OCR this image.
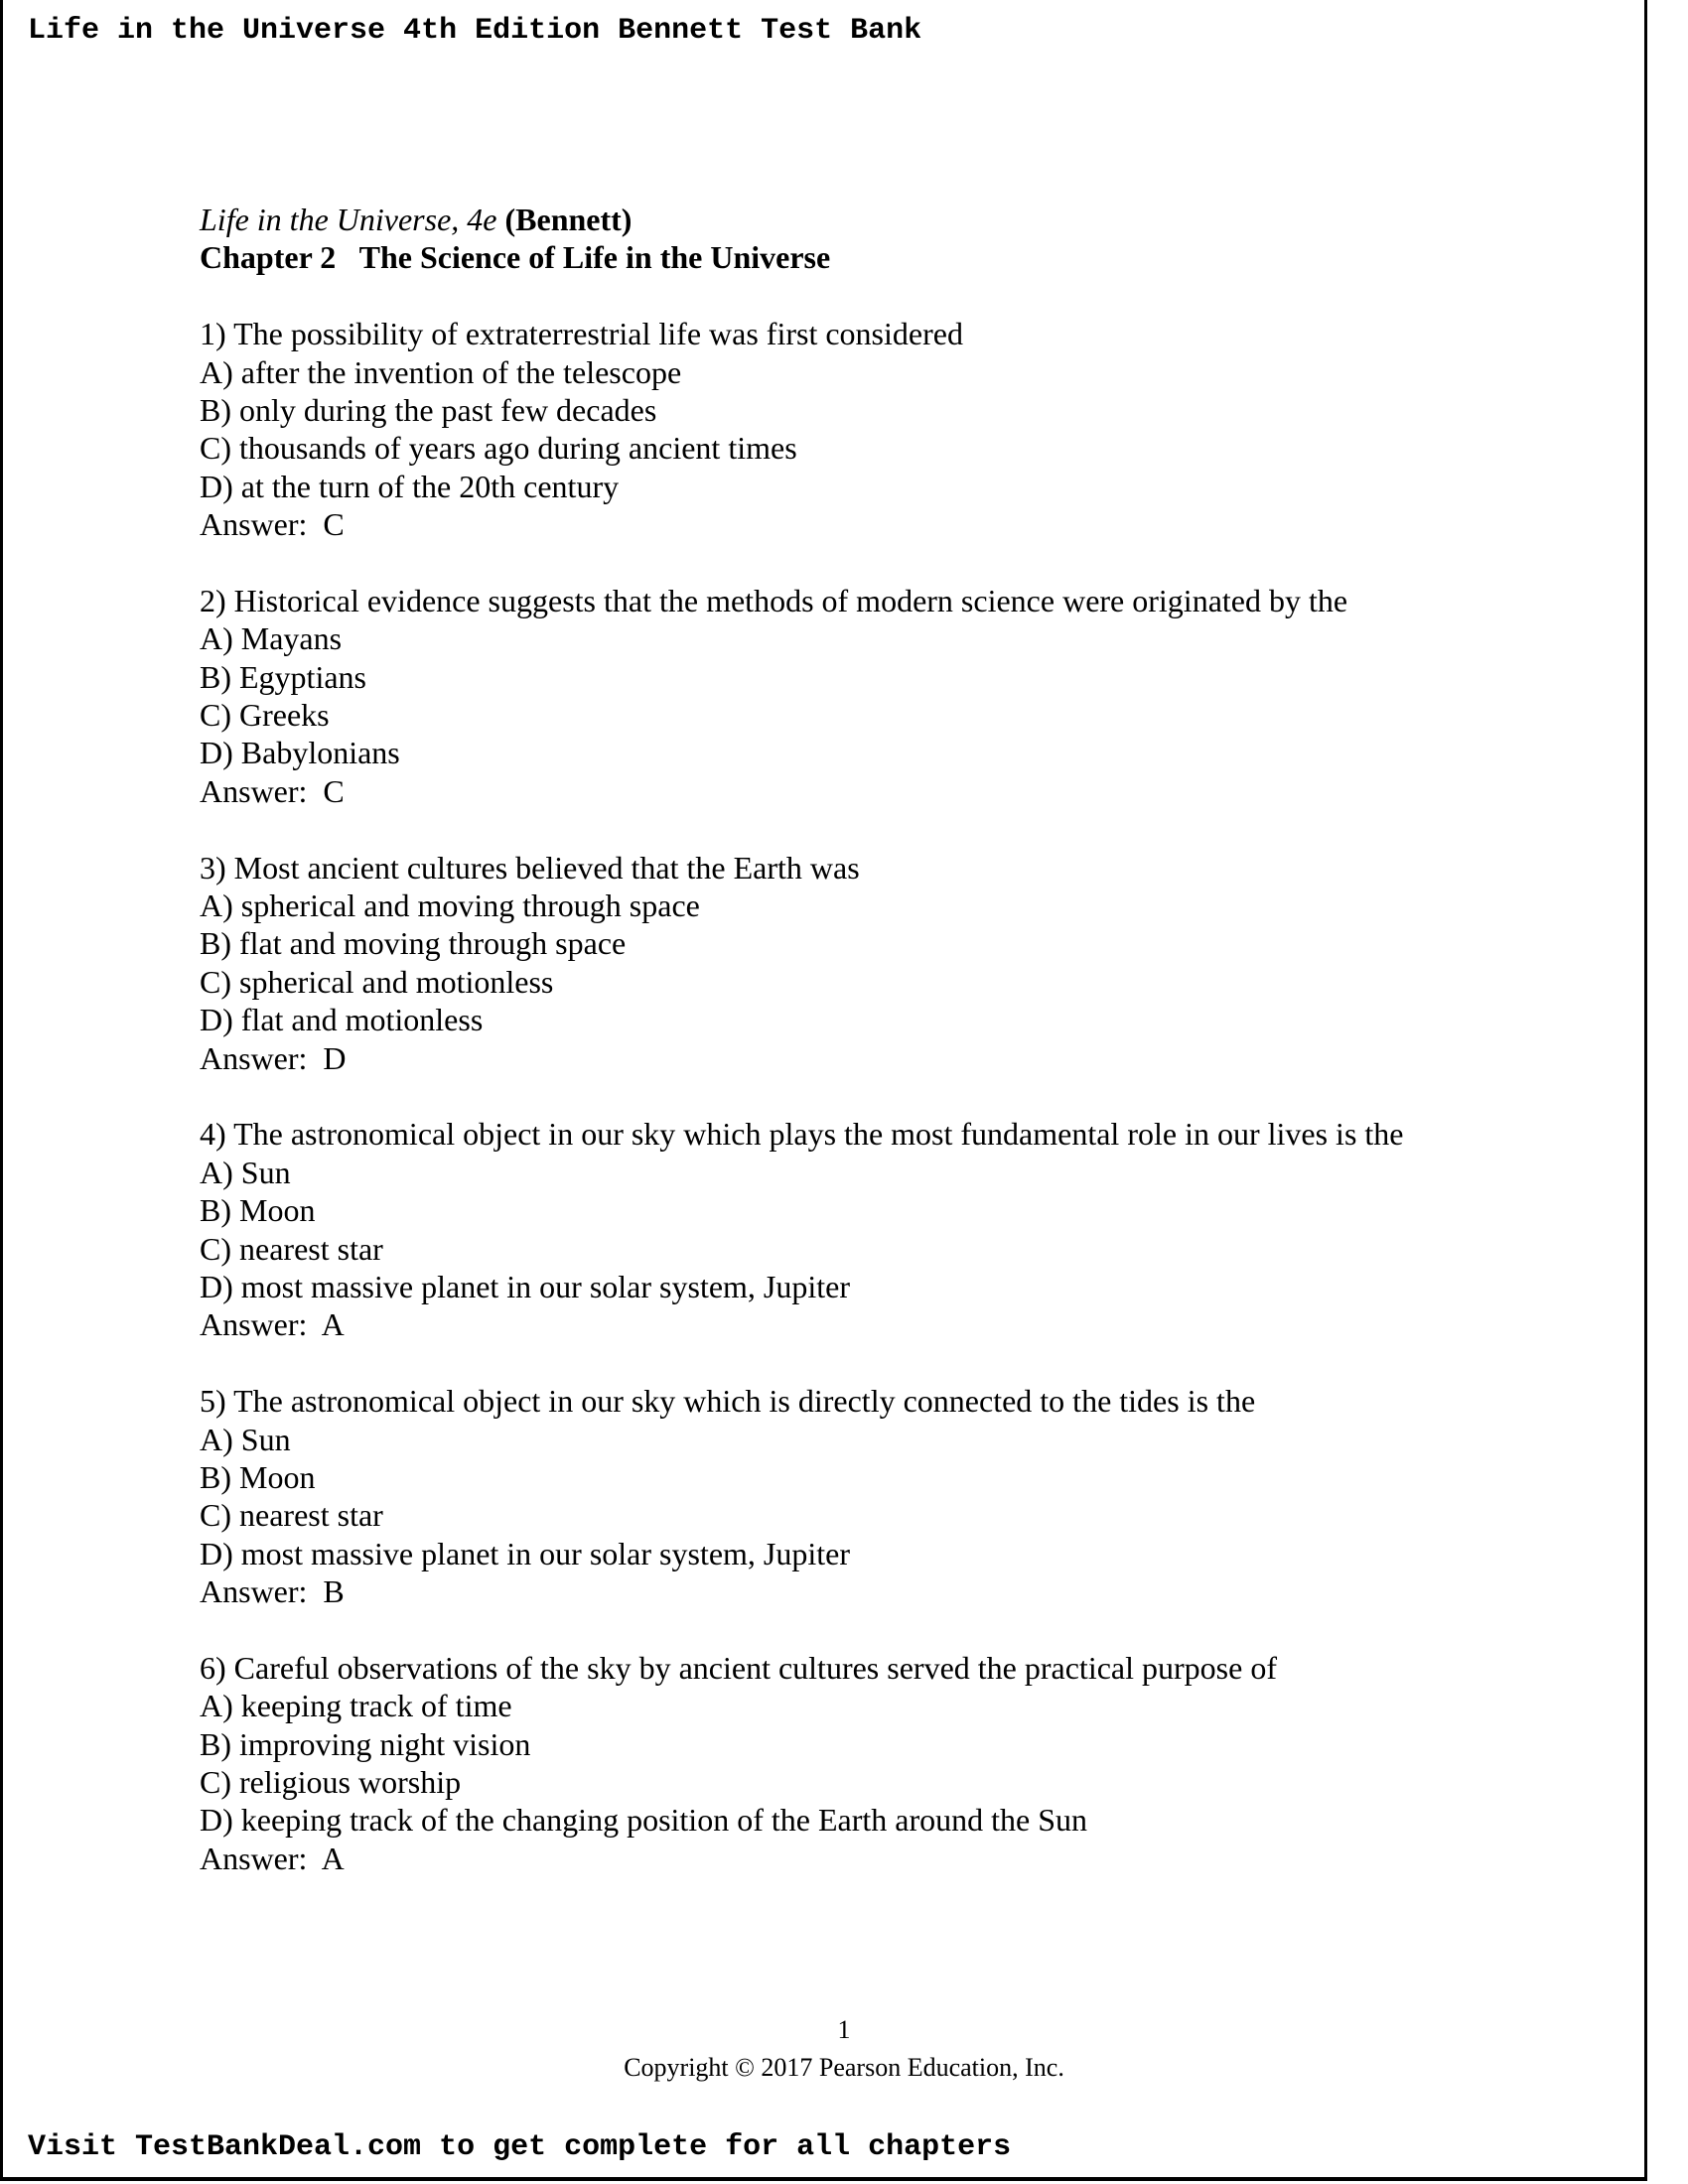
Life in the Universe 4th Edition Bennett Test Bank
Life in the Universe, 4e (Bennett)
Chapter 2   The Science of Life in the Universe
1) The possibility of extraterrestrial life was first considered
A) after the invention of the telescope
B) only during the past few decades
C) thousands of years ago during ancient times
D) at the turn of the 20th century
Answer:  C
2) Historical evidence suggests that the methods of modern science were originated by the
A) Mayans
B) Egyptians
C) Greeks
D) Babylonians
Answer:  C
3) Most ancient cultures believed that the Earth was
A) spherical and moving through space
B) flat and moving through space
C) spherical and motionless
D) flat and motionless
Answer:  D
4) The astronomical object in our sky which plays the most fundamental role in our lives is the
A) Sun
B) Moon
C) nearest star
D) most massive planet in our solar system, Jupiter
Answer:  A
5) The astronomical object in our sky which is directly connected to the tides is the
A) Sun
B) Moon
C) nearest star
D) most massive planet in our solar system, Jupiter
Answer:  B
6) Careful observations of the sky by ancient cultures served the practical purpose of
A) keeping track of time
B) improving night vision
C) religious worship
D) keeping track of the changing position of the Earth around the Sun
Answer:  A
1
Copyright © 2017 Pearson Education, Inc.
Visit TestBankDeal.com to get complete for all chapters
